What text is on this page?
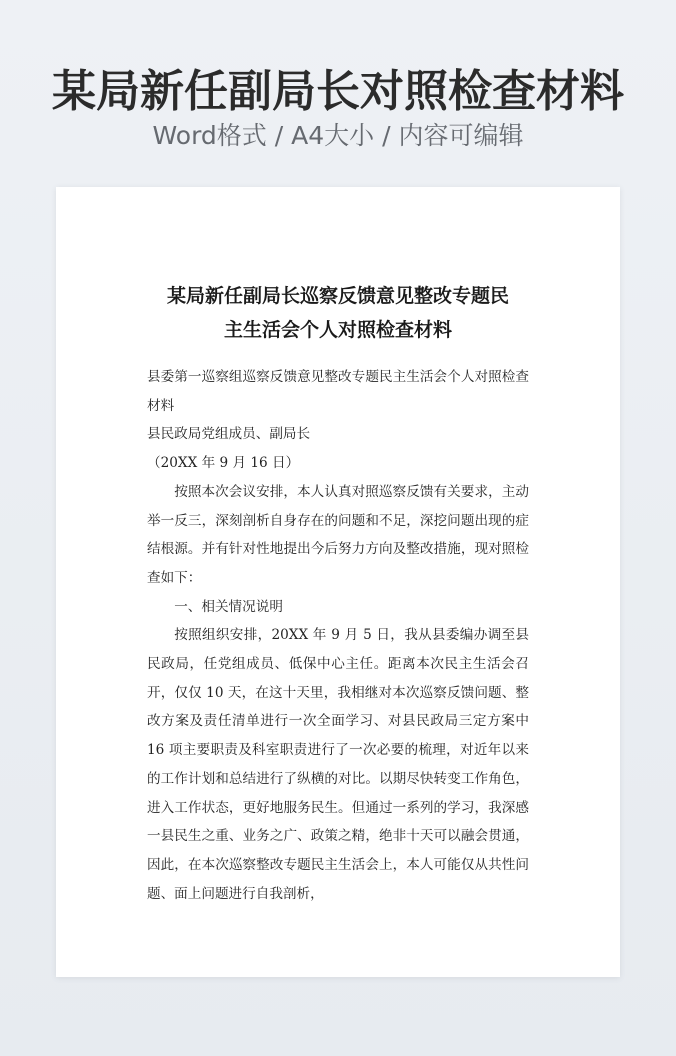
某局新任副局长对照检查材料
Word格式 / A4大小 / 内容可编辑
某局新任副局长巡察反馈意见整改专题民
主生活会个人对照检查材料

县委第一巡察组巡察反馈意见整改专题民主生活会个人对照检查材料

县民政局党组成员、副局长

（20XX 年 9 月 16 日）

按照本次会议安排，本人认真对照巡察反馈有关要求，主动举一反三，深刻剖析自身存在的问题和不足，深挖问题出现的症结根源。并有针对性地提出今后努力方向及整改措施，现对照检查如下：

一、相关情况说明

按照组织安排，20XX 年 9 月 5 日，我从县委编办调至县民政局，任党组成员、低保中心主任。距离本次民主生活会召开，仅仅 10 天，在这十天里，我相继对本次巡察反馈问题、整改方案及责任清单进行一次全面学习、对县民政局三定方案中 16 项主要职责及科室职责进行了一次必要的梳理，对近年以来的工作计划和总结进行了纵横的对比。以期尽快转变工作角色，进入工作状态，更好地服务民生。但通过一系列的学习，我深感一县民生之重、业务之广、政策之精，绝非十天可以融会贯通，因此，在本次巡察整改专题民主生活会上，本人可能仅从共性问题、面上问题进行自我剖析，
